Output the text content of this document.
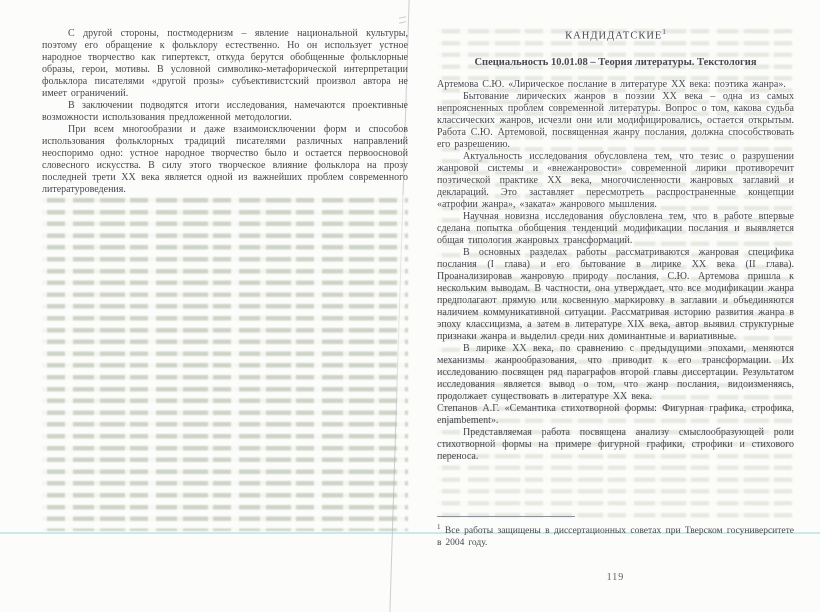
С другой стороны, постмодернизм – явление национальной культуры, поэтому его обращение к фольклору естественно. Но он использует устное народное творчество как гипертекст, откуда берутся обобщенные фольклорные образы, герои, мотивы. В условной символико-метафорической интерпретации фольклора писателями «другой прозы» субъективистский произвол автора не имеет ограничений.

В заключении подводятся итоги исследования, намечаются проективные возможности использования предложенной методологии.

При всем многообразии и даже взаимоисключении форм и способов использования фольклорных традиций писателями различных направлений неоспоримо одно: устное народное творчество было и остается первоосновой словесного искусства. В силу этого творческое влияние фольклора на прозу последней трети ХХ века является одной из важнейших проблем современного литературоведения.

КАНДИДАТСКИЕ$^1$
Специальность 10.01.08 – Теория литературы. Текстология

Артемова С.Ю. «Лирическое послание в литературе ХХ века: поэтика жанра».

Бытование лирических жанров в поэзии ХХ века – одна из самых непроясненных проблем современной литературы. Вопрос о том, какова судьба классических жанров, исчезли они или модифицировались, остается открытым. Работа С.Ю. Артемовой, посвященная жанру послания, должна способствовать его разрешению.

Актуальность исследования обусловлена тем, что тезис о разрушении жанровой системы и «внежанровости» современной лирики противоречит поэтической практике ХХ века, многочисленности жанровых заглавий и деклараций. Это заставляет пересмотреть распространенные концепции «атрофии жанра», «заката» жанрового мышления.

Научная новизна исследования обусловлена тем, что в работе впервые сделана попытка обобщения тенденций модификации послания и выявляется общая типология жанровых трансформаций.

В основных разделах работы рассматриваются жанровая специфика послания (I глава) и его бытование в лирике ХХ века (II глава). Проанализировав жанровую природу послания, С.Ю. Артемова пришла к нескольким выводам. В частности, она утверждает, что все модификации жанра предполагают прямую или косвенную маркировку в заглавии и объединяются наличием коммуникативной ситуации. Рассматривая историю развития жанра в эпоху классицизма, а затем в литературе XIX века, автор выявил структурные признаки жанра и выделил среди них доминантные и вариативные.

В лирике ХХ века, по сравнению с предыдущими эпохами, меняются механизмы жанрообразования, что приводит к его трансформации. Их исследованию посвящен ряд параграфов второй главы диссертации. Результатом исследования является вывод о том, что жанр послания, видоизменяясь, продолжает существовать в литературе ХХ века.

Степанов А.Г. «Семантика стихотворной формы: Фигурная графика, строфика, enjambement».

Представляемая работа посвящена анализу смыслообразующей роли стихотворной формы на примере фигурной графики, строфики и стихового переноса.

$^1$ Все работы защищены в диссертационных советах при Тверском госуниверситете в 2004 году.

119
